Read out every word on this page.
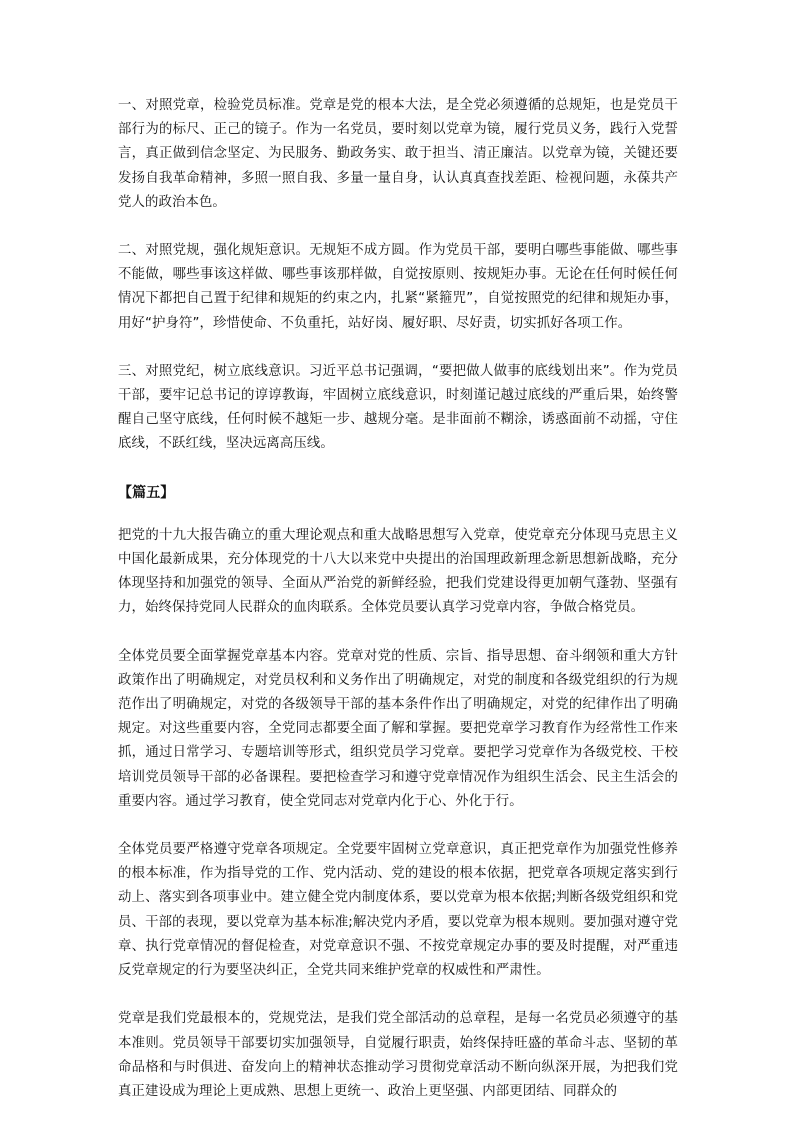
一、对照党章，检验党员标准。党章是党的根本大法，是全党必须遵循的总规矩，也是党员干部行为的标尺、正己的镜子。作为一名党员，要时刻以党章为镜，履行党员义务，践行入党誓言，真正做到信念坚定、为民服务、勤政务实、敢于担当、清正廉洁。以党章为镜，关键还要发扬自我革命精神，多照一照自我、多量一量自身，认认真真查找差距、检视问题，永葆共产党人的政治本色。

二、对照党规，强化规矩意识。无规矩不成方圆。作为党员干部，要明白哪些事能做、哪些事不能做，哪些事该这样做、哪些事该那样做，自觉按原则、按规矩办事。无论在任何时候任何情况下都把自己置于纪律和规矩的约束之内，扎紧“紧箍咒”，自觉按照党的纪律和规矩办事，用好“护身符”，珍惜使命、不负重托，站好岗、履好职、尽好责，切实抓好各项工作。

三、对照党纪，树立底线意识。习近平总书记强调，“要把做人做事的底线划出来”。作为党员干部，要牢记总书记的谆谆教诲，牢固树立底线意识，时刻谨记越过底线的严重后果，始终警醒自己坚守底线，任何时候不越矩一步、越规分毫。是非面前不糊涂，诱惑面前不动摇，守住底线，不跃红线，坚决远离高压线。

【篇五】

把党的十九大报告确立的重大理论观点和重大战略思想写入党章，使党章充分体现马克思主义中国化最新成果，充分体现党的十八大以来党中央提出的治国理政新理念新思想新战略，充分体现坚持和加强党的领导、全面从严治党的新鲜经验，把我们党建设得更加朝气蓬勃、坚强有力，始终保持党同人民群众的血肉联系。全体党员要认真学习党章内容，争做合格党员。

全体党员要全面掌握党章基本内容。党章对党的性质、宗旨、指导思想、奋斗纲领和重大方针政策作出了明确规定，对党员权利和义务作出了明确规定，对党的制度和各级党组织的行为规范作出了明确规定，对党的各级领导干部的基本条件作出了明确规定，对党的纪律作出了明确规定。对这些重要内容，全党同志都要全面了解和掌握。要把党章学习教育作为经常性工作来抓，通过日常学习、专题培训等形式，组织党员学习党章。要把学习党章作为各级党校、干校培训党员领导干部的必备课程。要把检查学习和遵守党章情况作为组织生活会、民主生活会的重要内容。通过学习教育，使全党同志对党章内化于心、外化于行。

全体党员要严格遵守党章各项规定。全党要牢固树立党章意识，真正把党章作为加强党性修养的根本标准，作为指导党的工作、党内活动、党的建设的根本依据，把党章各项规定落实到行动上、落实到各项事业中。建立健全党内制度体系，要以党章为根本依据;判断各级党组织和党员、干部的表现，要以党章为基本标准;解决党内矛盾，要以党章为根本规则。要加强对遵守党章、执行党章情况的督促检查，对党章意识不强、不按党章规定办事的要及时提醒，对严重违反党章规定的行为要坚决纠正，全党共同来维护党章的权威性和严肃性。

党章是我们党最根本的，党规党法，是我们党全部活动的总章程，是每一名党员必须遵守的基本准则。党员领导干部要切实加强领导，自觉履行职责，始终保持旺盛的革命斗志、坚韧的革命品格和与时俱进、奋发向上的精神状态推动学习贯彻党章活动不断向纵深开展，为把我们党真正建设成为理论上更成熟、思想上更统一、政治上更坚强、内部更团结、同群众的
